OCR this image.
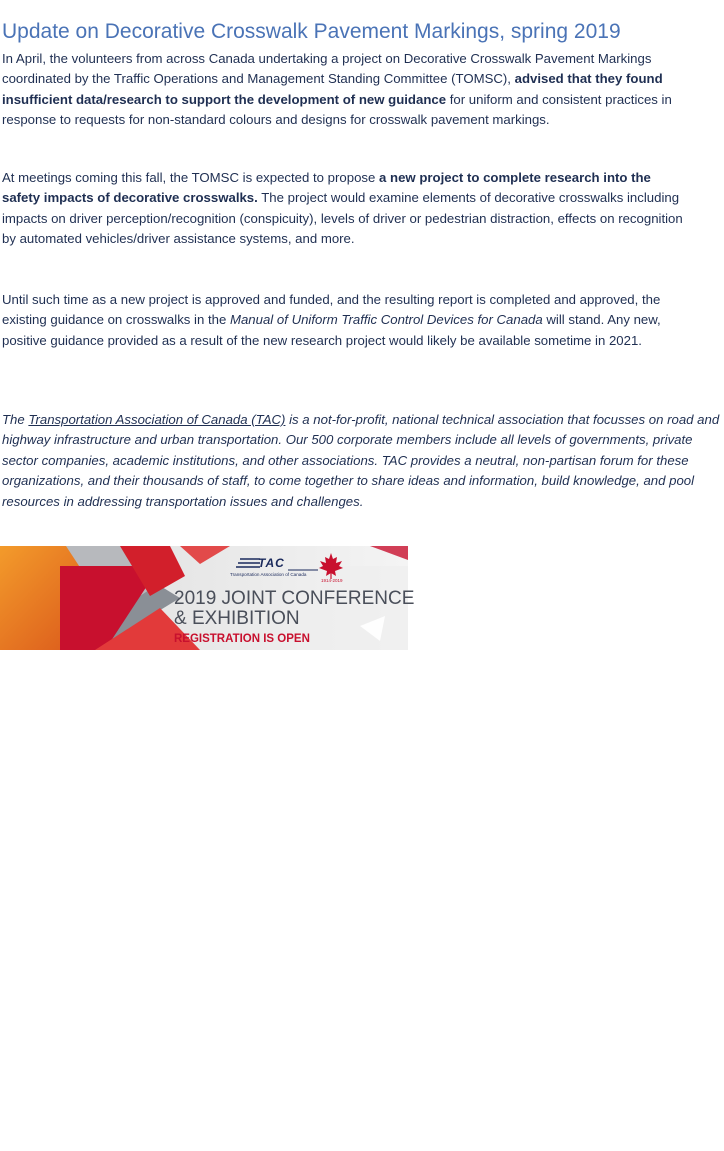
Update on Decorative Crosswalk Pavement Markings, spring 2019

In April, the volunteers from across Canada undertaking a project on Decorative Crosswalk Pavement Markings coordinated by the Traffic Operations and Management Standing Committee (TOMSC), advised that they found insufficient data/research to support the development of new guidance for uniform and consistent practices in response to requests for non-standard colours and designs for crosswalk pavement markings.

At meetings coming this fall, the TOMSC is expected to propose a new project to complete research into the safety impacts of decorative crosswalks. The project would examine elements of decorative crosswalks including impacts on driver perception/recognition (conspicuity), levels of driver or pedestrian distraction, effects on recognition by automated vehicles/driver assistance systems, and more.

Until such time as a new project is approved and funded, and the resulting report is completed and approved, the existing guidance on crosswalks in the Manual of Uniform Traffic Control Devices for Canada will stand. Any new, positive guidance provided as a result of the new research project would likely be available sometime in 2021.

The Transportation Association of Canada (TAC) is a not-for-profit, national technical association that focusses on road and highway infrastructure and urban transportation. Our 500 corporate members include all levels of governments, private sector companies, academic institutions, and other associations. TAC provides a neutral, non-partisan forum for these organizations, and their thousands of staff, to come together to share ideas and information, build knowledge, and pool resources in addressing transportation issues and challenges.

HALIFAX
SEPTEMBER
22 TO 25
TAC
Transportation Association of Canada
1914-2019
2019 JOINT CONFERENCE
& EXHIBITION
REGISTRATION IS OPEN
